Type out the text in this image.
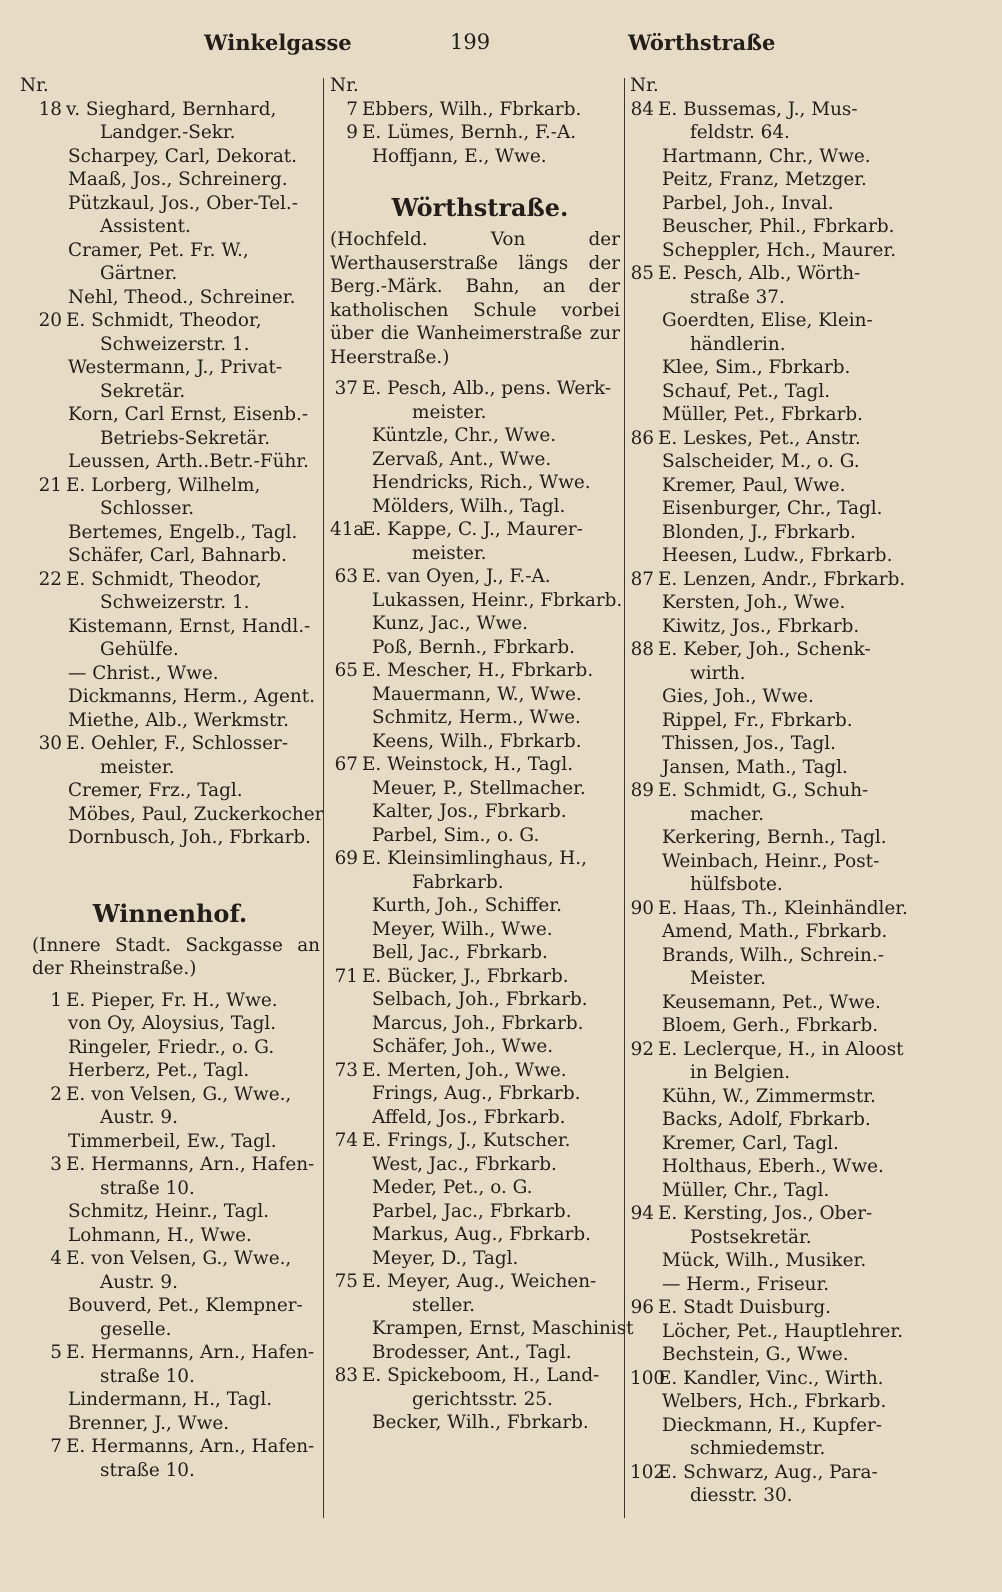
Winkelgasse	199	Wörthstraße
Nr.
18 v. Sieghard, Bernhard,
Landger.-Sekr.
Scharpey, Carl, Dekorat.
Maaß, Jos., Schreinerg.
Pützkaul, Jos., Ober-Tel.-
Assistent.
Cramer, Pet. Fr. W.,
Gärtner.
Nehl, Theod., Schreiner.
20 E. Schmidt, Theodor,
Schweizerstr. 1.
Westermann, J., Privat-
Sekretär.
Korn, Carl Ernst, Eisenb.-
Betriebs-Sekretär.
Leussen, Arth..Betr.-Führ.
21 E. Lorberg, Wilhelm,
Schlosser.
Bertemes, Engelb., Tagl.
Schäfer, Carl, Bahnarb.
22 E. Schmidt, Theodor,
Schweizerstr. 1.
Kistemann, Ernst, Handl.-
Gehülfe.
— Christ., Wwe.
Dickmanns, Herm., Agent.
Miethe, Alb., Werkmstr.
30 E. Oehler, F., Schlosser-
meister.
Cremer, Frz., Tagl.
Möbes, Paul, Zuckerkocher
Dornbusch, Joh., Fbrkarb.
Winnenhof.
(Innere Stadt. Sackgasse an der Rheinstraße.)
1 E. Pieper, Fr. H., Wwe.
von Oy, Aloysius, Tagl.
Ringeler, Friedr., o. G.
Herberz, Pet., Tagl.
2 E. von Velsen, G., Wwe.,
Austr. 9.
Timmerbeil, Ew., Tagl.
3 E. Hermanns, Arn., Hafen-
straße 10.
Schmitz, Heinr., Tagl.
Lohmann, H., Wwe.
4 E. von Velsen, G., Wwe.,
Austr. 9.
Bouverd, Pet., Klempner-
geselle.
5 E. Hermanns, Arn., Hafen-
straße 10.
Lindermann, H., Tagl.
Brenner, J., Wwe.
7 E. Hermanns, Arn., Hafen-
straße 10.
Nr.
7 Ebbers, Wilh., Fbrkarb.
9 E. Lümes, Bernh., F.-A.
Hoffjann, E., Wwe.
Wörthstraße.
(Hochfeld. Von der Werthauserstraße längs der Berg.-Märk. Bahn, an der katholischen Schule vorbei über die Wanheimerstraße zur Heerstraße.)
37 E. Pesch, Alb., pens. Werk-
meister.
Küntzle, Chr., Wwe.
Zervaß, Ant., Wwe.
Hendricks, Rich., Wwe.
Mölders, Wilh., Tagl.
41aE. Kappe, C. J., Maurer-
meister.
63 E. van Oyen, J., F.-A.
Lukassen, Heinr., Fbrkarb.
Kunz, Jac., Wwe.
Poß, Bernh., Fbrkarb.
65 E. Mescher, H., Fbrkarb.
Mauermann, W., Wwe.
Schmitz, Herm., Wwe.
Keens, Wilh., Fbrkarb.
67 E. Weinstock, H., Tagl.
Meuer, P., Stellmacher.
Kalter, Jos., Fbrkarb.
Parbel, Sim., o. G.
69 E. Kleinsimlinghaus, H.,
Fabrkarb.
Kurth, Joh., Schiffer.
Meyer, Wilh., Wwe.
Bell, Jac., Fbrkarb.
71 E. Bücker, J., Fbrkarb.
Selbach, Joh., Fbrkarb.
Marcus, Joh., Fbrkarb.
Schäfer, Joh., Wwe.
73 E. Merten, Joh., Wwe.
Frings, Aug., Fbrkarb.
Affeld, Jos., Fbrkarb.
74 E. Frings, J., Kutscher.
West, Jac., Fbrkarb.
Meder, Pet., o. G.
Parbel, Jac., Fbrkarb.
Markus, Aug., Fbrkarb.
Meyer, D., Tagl.
75 E. Meyer, Aug., Weichen-
steller.
Krampen, Ernst, Maschinist
Brodesser, Ant., Tagl.
83 E. Spickeboom, H., Land-
gerichtsstr. 25.
Becker, Wilh., Fbrkarb.
Nr.
84 E. Bussemas, J., Mus-
feldstr. 64.
Hartmann, Chr., Wwe.
Peitz, Franz, Metzger.
Parbel, Joh., Inval.
Beuscher, Phil., Fbrkarb.
Scheppler, Hch., Maurer.
85 E. Pesch, Alb., Wörth-
straße 37.
Goerdten, Elise, Klein-
händlerin.
Klee, Sim., Fbrkarb.
Schauf, Pet., Tagl.
Müller, Pet., Fbrkarb.
86 E. Leskes, Pet., Anstr.
Salscheider, M., o. G.
Kremer, Paul, Wwe.
Eisenburger, Chr., Tagl.
Blonden, J., Fbrkarb.
Heesen, Ludw., Fbrkarb.
87 E. Lenzen, Andr., Fbrkarb.
Kersten, Joh., Wwe.
Kiwitz, Jos., Fbrkarb.
88 E. Keber, Joh., Schenk-
wirth.
Gies, Joh., Wwe.
Rippel, Fr., Fbrkarb.
Thissen, Jos., Tagl.
Jansen, Math., Tagl.
89 E. Schmidt, G., Schuh-
macher.
Kerkering, Bernh., Tagl.
Weinbach, Heinr., Post-
hülfsbote.
90 E. Haas, Th., Kleinhändler.
Amend, Math., Fbrkarb.
Brands, Wilh., Schrein.-
Meister.
Keusemann, Pet., Wwe.
Bloem, Gerh., Fbrkarb.
92 E. Leclerque, H., in Aloost
in Belgien.
Kühn, W., Zimmermstr.
Backs, Adolf, Fbrkarb.
Kremer, Carl, Tagl.
Holthaus, Eberh., Wwe.
Müller, Chr., Tagl.
94 E. Kersting, Jos., Ober-
Postsekretär.
Mück, Wilh., Musiker.
— Herm., Friseur.
96 E. Stadt Duisburg.
Löcher, Pet., Hauptlehrer.
Bechstein, G., Wwe.
100E. Kandler, Vinc., Wirth.
Welbers, Hch., Fbrkarb.
Dieckmann, H., Kupfer-
schmiedemstr.
102E. Schwarz, Aug., Para-
diesstr. 30.
